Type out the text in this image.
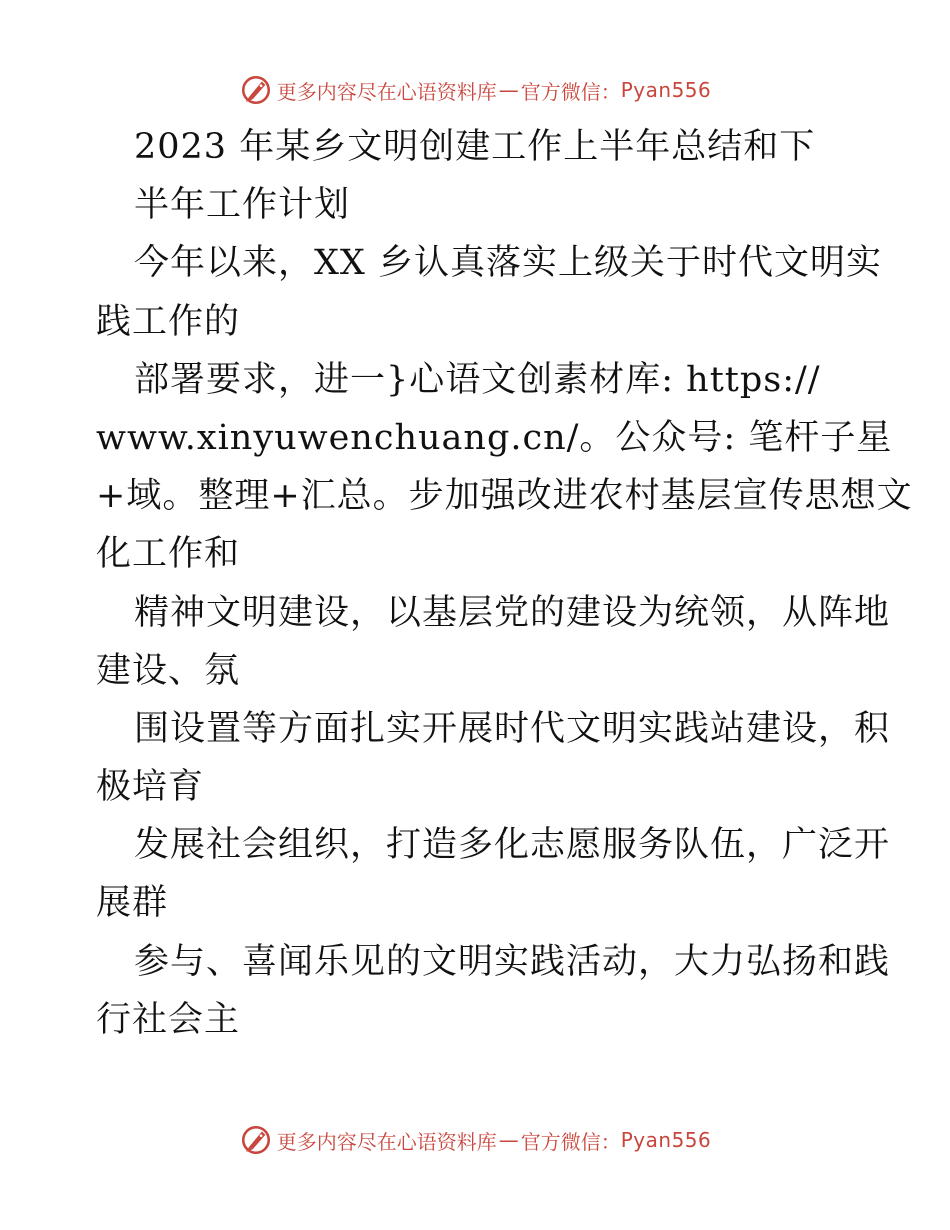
更多内容尽在心语资料库 — 官方微信： Pyan556
2023 年某乡文明创建工作上半年总结和下
半年工作计划
今年以来，XX 乡认真落实上级关于时代文明实
践工作的
部署要求，进一}心语文创素材库: https://
www.xinyuwenchuang.cn/。公众号: 笔杆子星
+域。整理+汇总。步加强改进农村基层宣传思想文
化工作和
精神文明建设，以基层党的建设为统领，从阵地
建设、氛
围设置等方面扎实开展时代文明实践站建设，积
极培育
发展社会组织，打造多化志愿服务队伍，广泛开
展群
参与、喜闻乐见的文明实践活动，大力弘扬和践
行社会主
更多内容尽在心语资料库 — 官方微信： Pyan556
